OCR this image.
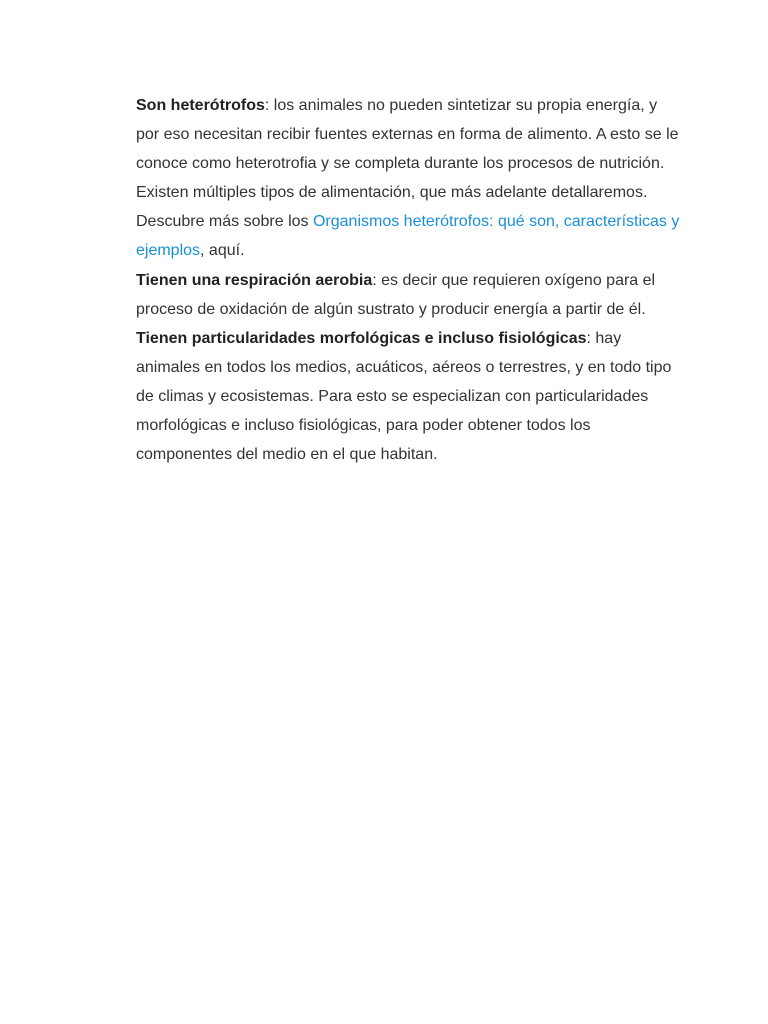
Son heterótrofos: los animales no pueden sintetizar su propia energía, y por eso necesitan recibir fuentes externas en forma de alimento. A esto se le conoce como heterotrofia y se completa durante los procesos de nutrición. Existen múltiples tipos de alimentación, que más adelante detallaremos. Descubre más sobre los Organismos heterótrofos: qué son, características y ejemplos, aquí.

Tienen una respiración aerobia: es decir que requieren oxígeno para el proceso de oxidación de algún sustrato y producir energía a partir de él.

Tienen particularidades morfológicas e incluso fisiológicas: hay animales en todos los medios, acuáticos, aéreos o terrestres, y en todo tipo de climas y ecosistemas. Para esto se especializan con particularidades morfológicas e incluso fisiológicas, para poder obtener todos los componentes del medio en el que habitan.
